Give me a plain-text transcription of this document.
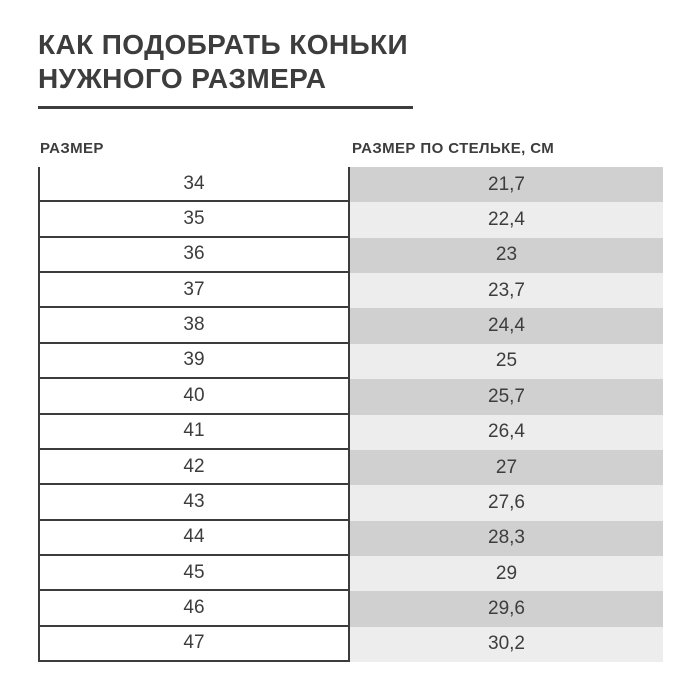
КАК ПОДОБРАТЬ КОНЬКИ
НУЖНОГО РАЗМЕРА
РАЗМЕР	РАЗМЕР ПО СТЕЛЬКЕ, СМ
34	21,7
35	22,4
36	23
37	23,7
38	24,4
39	25
40	25,7
41	26,4
42	27
43	27,6
44	28,3
45	29
46	29,6
47	30,2
